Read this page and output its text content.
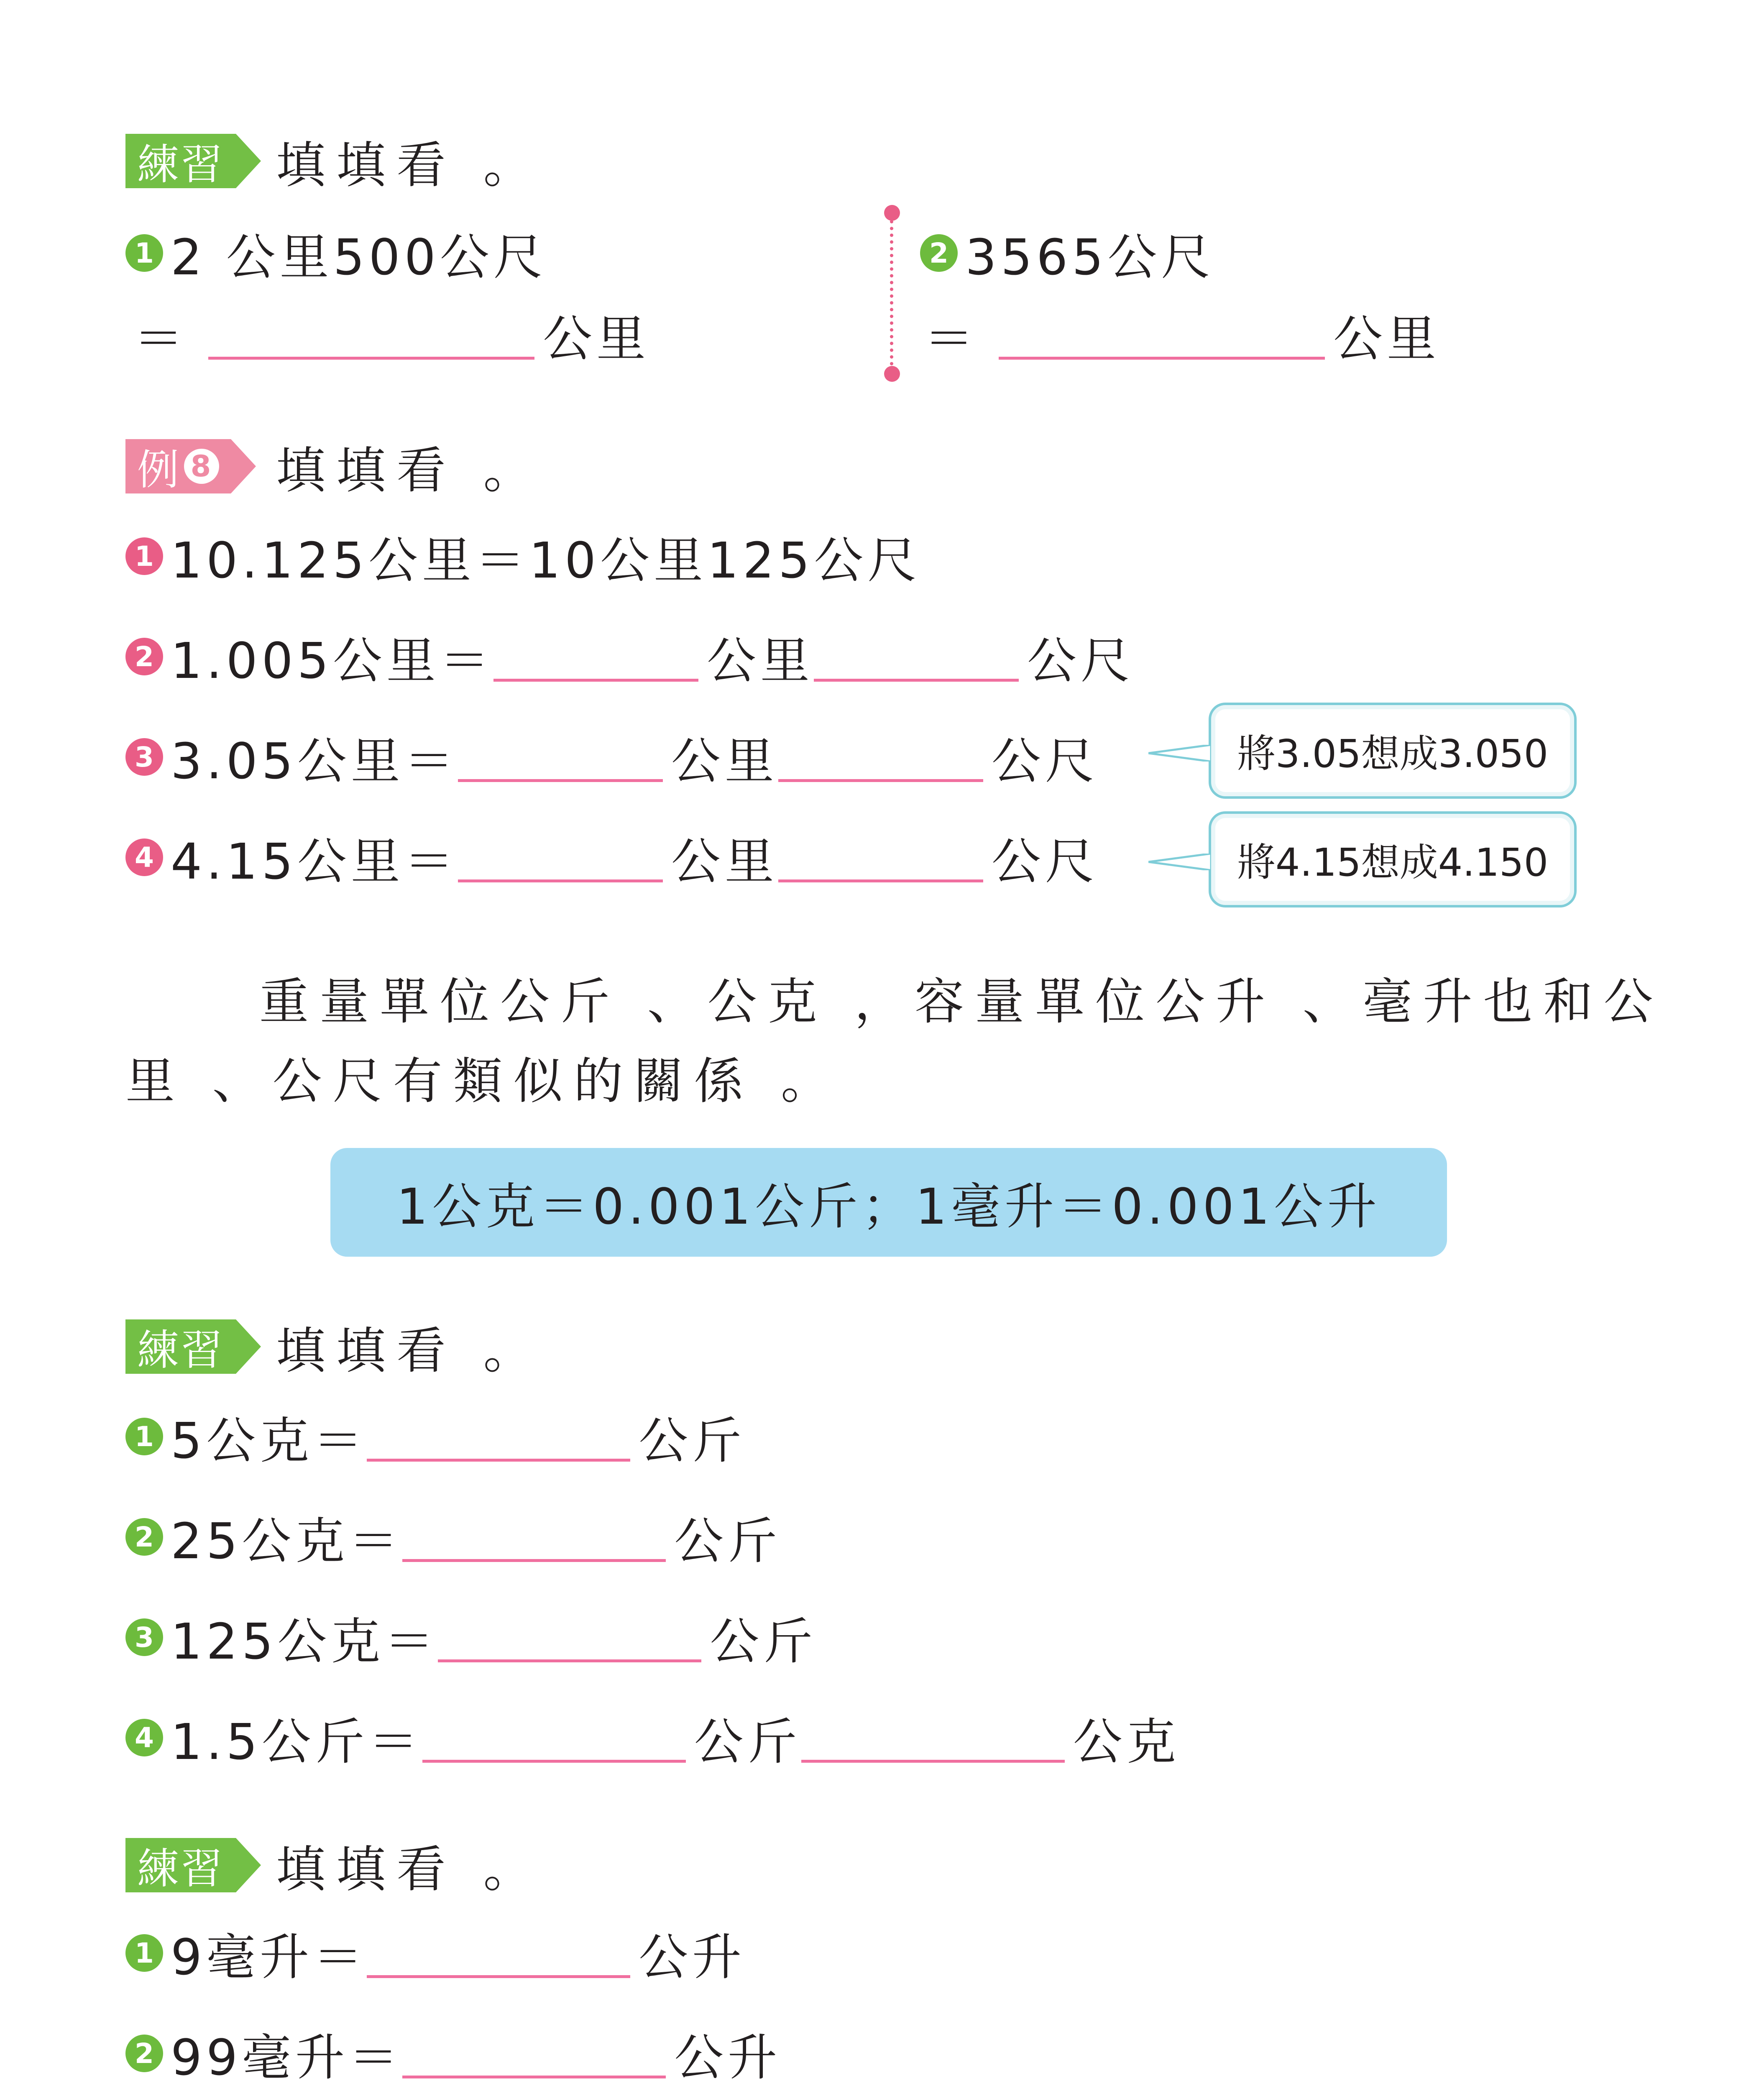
練習 填填看 。
1 2 公里500公尺
＝	公里
2 3565公尺
＝	公里
例 8 填填看 。
1 10.125公里＝10公里125公尺
2 1.005公里＝	公里	公尺
3 3.05公里＝	公里	公尺	將3.05想成3.050
4 4.15公里＝	公里	公尺	將4.15想成4.150
重量單位公斤 、公克 ，容量單位公升 、毫升也和公
里 、公尺有類似的關係 。
1公克＝0.001公斤；1毫升＝0.001公升
練習 填填看 。
1 5公克＝	公斤
2 25公克＝	公斤
3 125公克＝	公斤
4 1.5公斤＝	公斤	公克
練習 填填看 。
1 9毫升＝	公升
2 99毫升＝	公升
